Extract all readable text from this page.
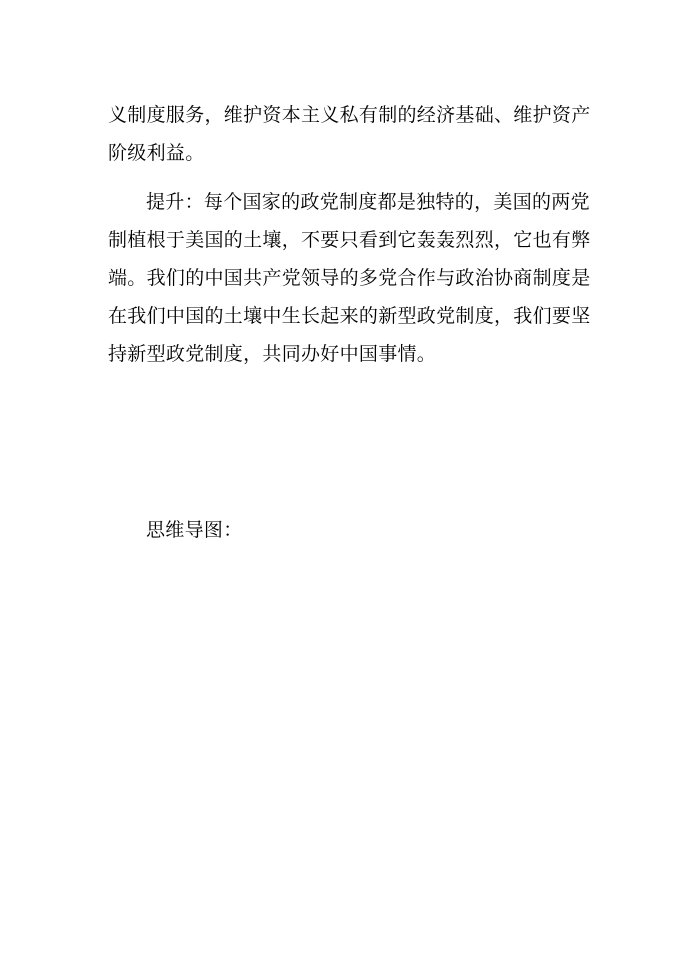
义制度服务，维护资本主义私有制的经济基础、维护资产
阶级利益。
提升：每个国家的政党制度都是独特的，美国的两党
制植根于美国的土壤，不要只看到它轰轰烈烈，它也有弊
端。我们的中国共产党领导的多党合作与政治协商制度是
在我们中国的土壤中生长起来的新型政党制度，我们要坚
持新型政党制度，共同办好中国事情。
思维导图：
